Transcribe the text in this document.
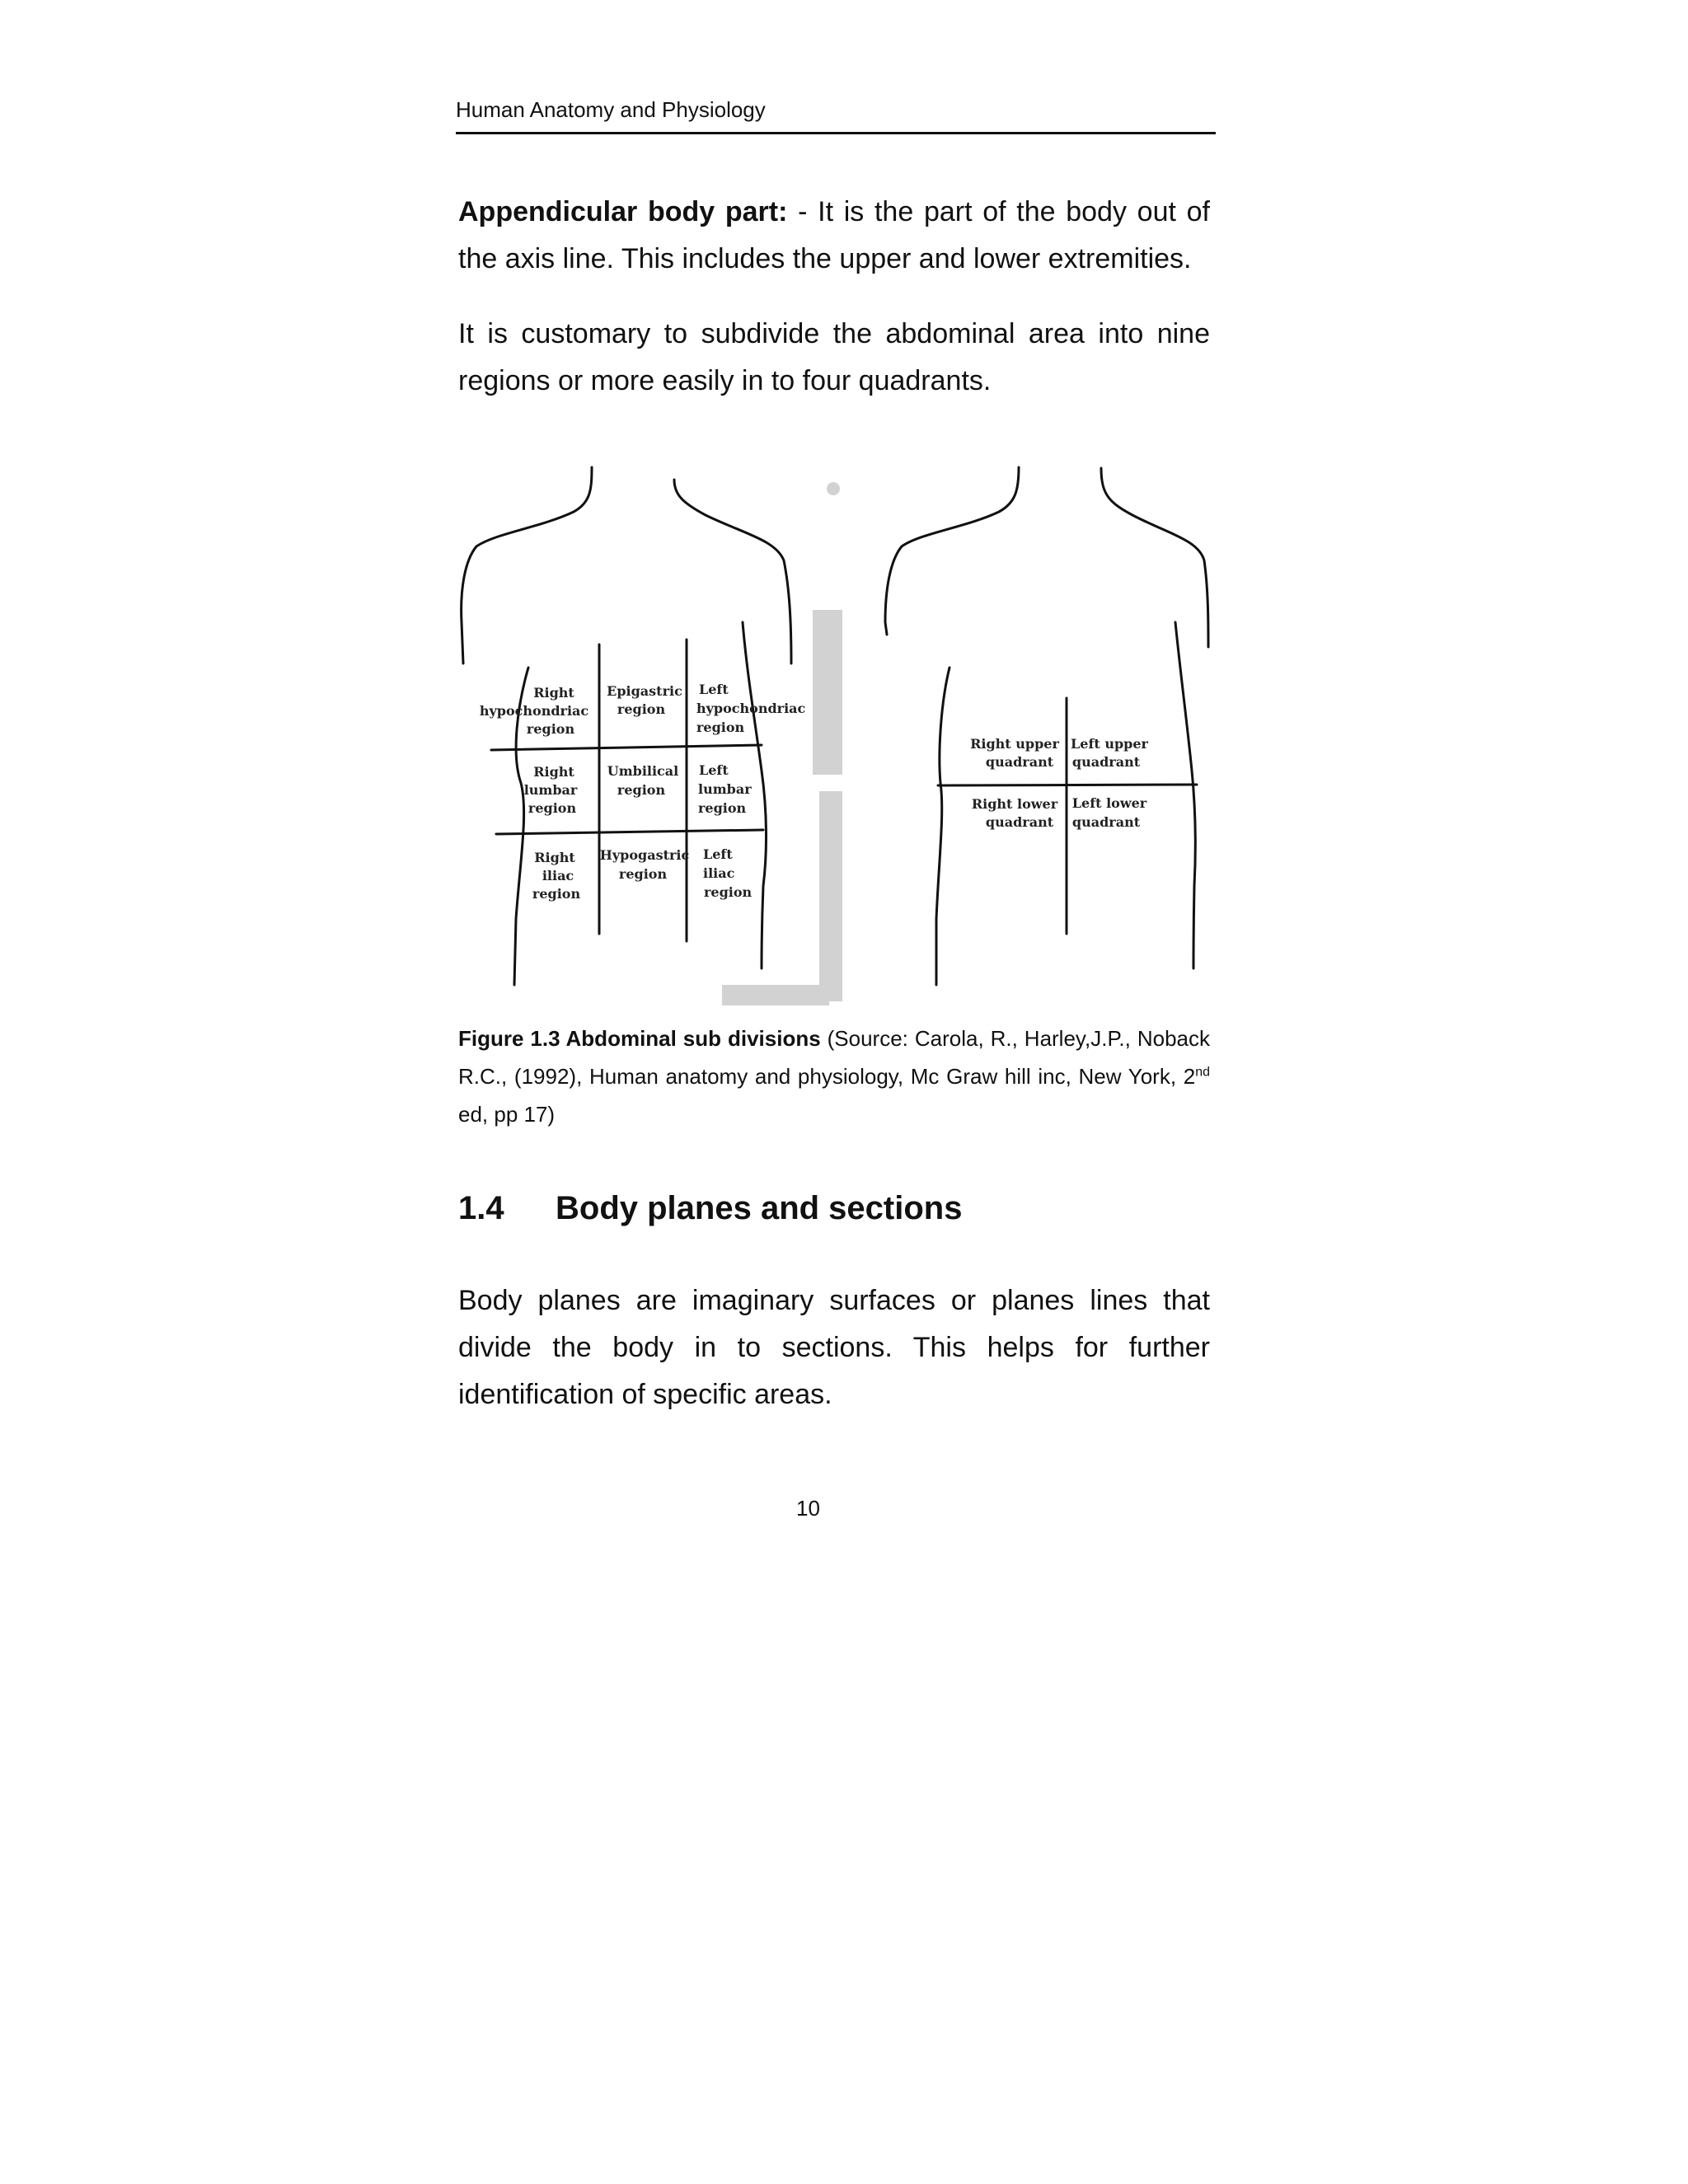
Human Anatomy and Physiology
Appendicular body part: - It is the part of the body out of the axis line. This includes the upper and lower extremities.
It is customary to subdivide the abdominal area into nine regions or more easily in to four quadrants.
Right hypochondriac region
Epigastric region
Left hypochondriac region
Right lumbar region
Umbilical region
Left lumbar region
Right iliac region
Hypogastric region
Left iliac region
Right upper quadrant
Left upper quadrant
Right lower quadrant
Left lower quadrant
Figure 1.3 Abdominal sub divisions (Source: Carola, R., Harley,J.P., Noback R.C., (1992), Human anatomy and physiology, Mc Graw hill inc, New York, 2nd ed, pp 17)
1.4 Body planes and sections
Body planes are imaginary surfaces or planes lines that divide the body in to sections. This helps for further identification of specific areas.
10
